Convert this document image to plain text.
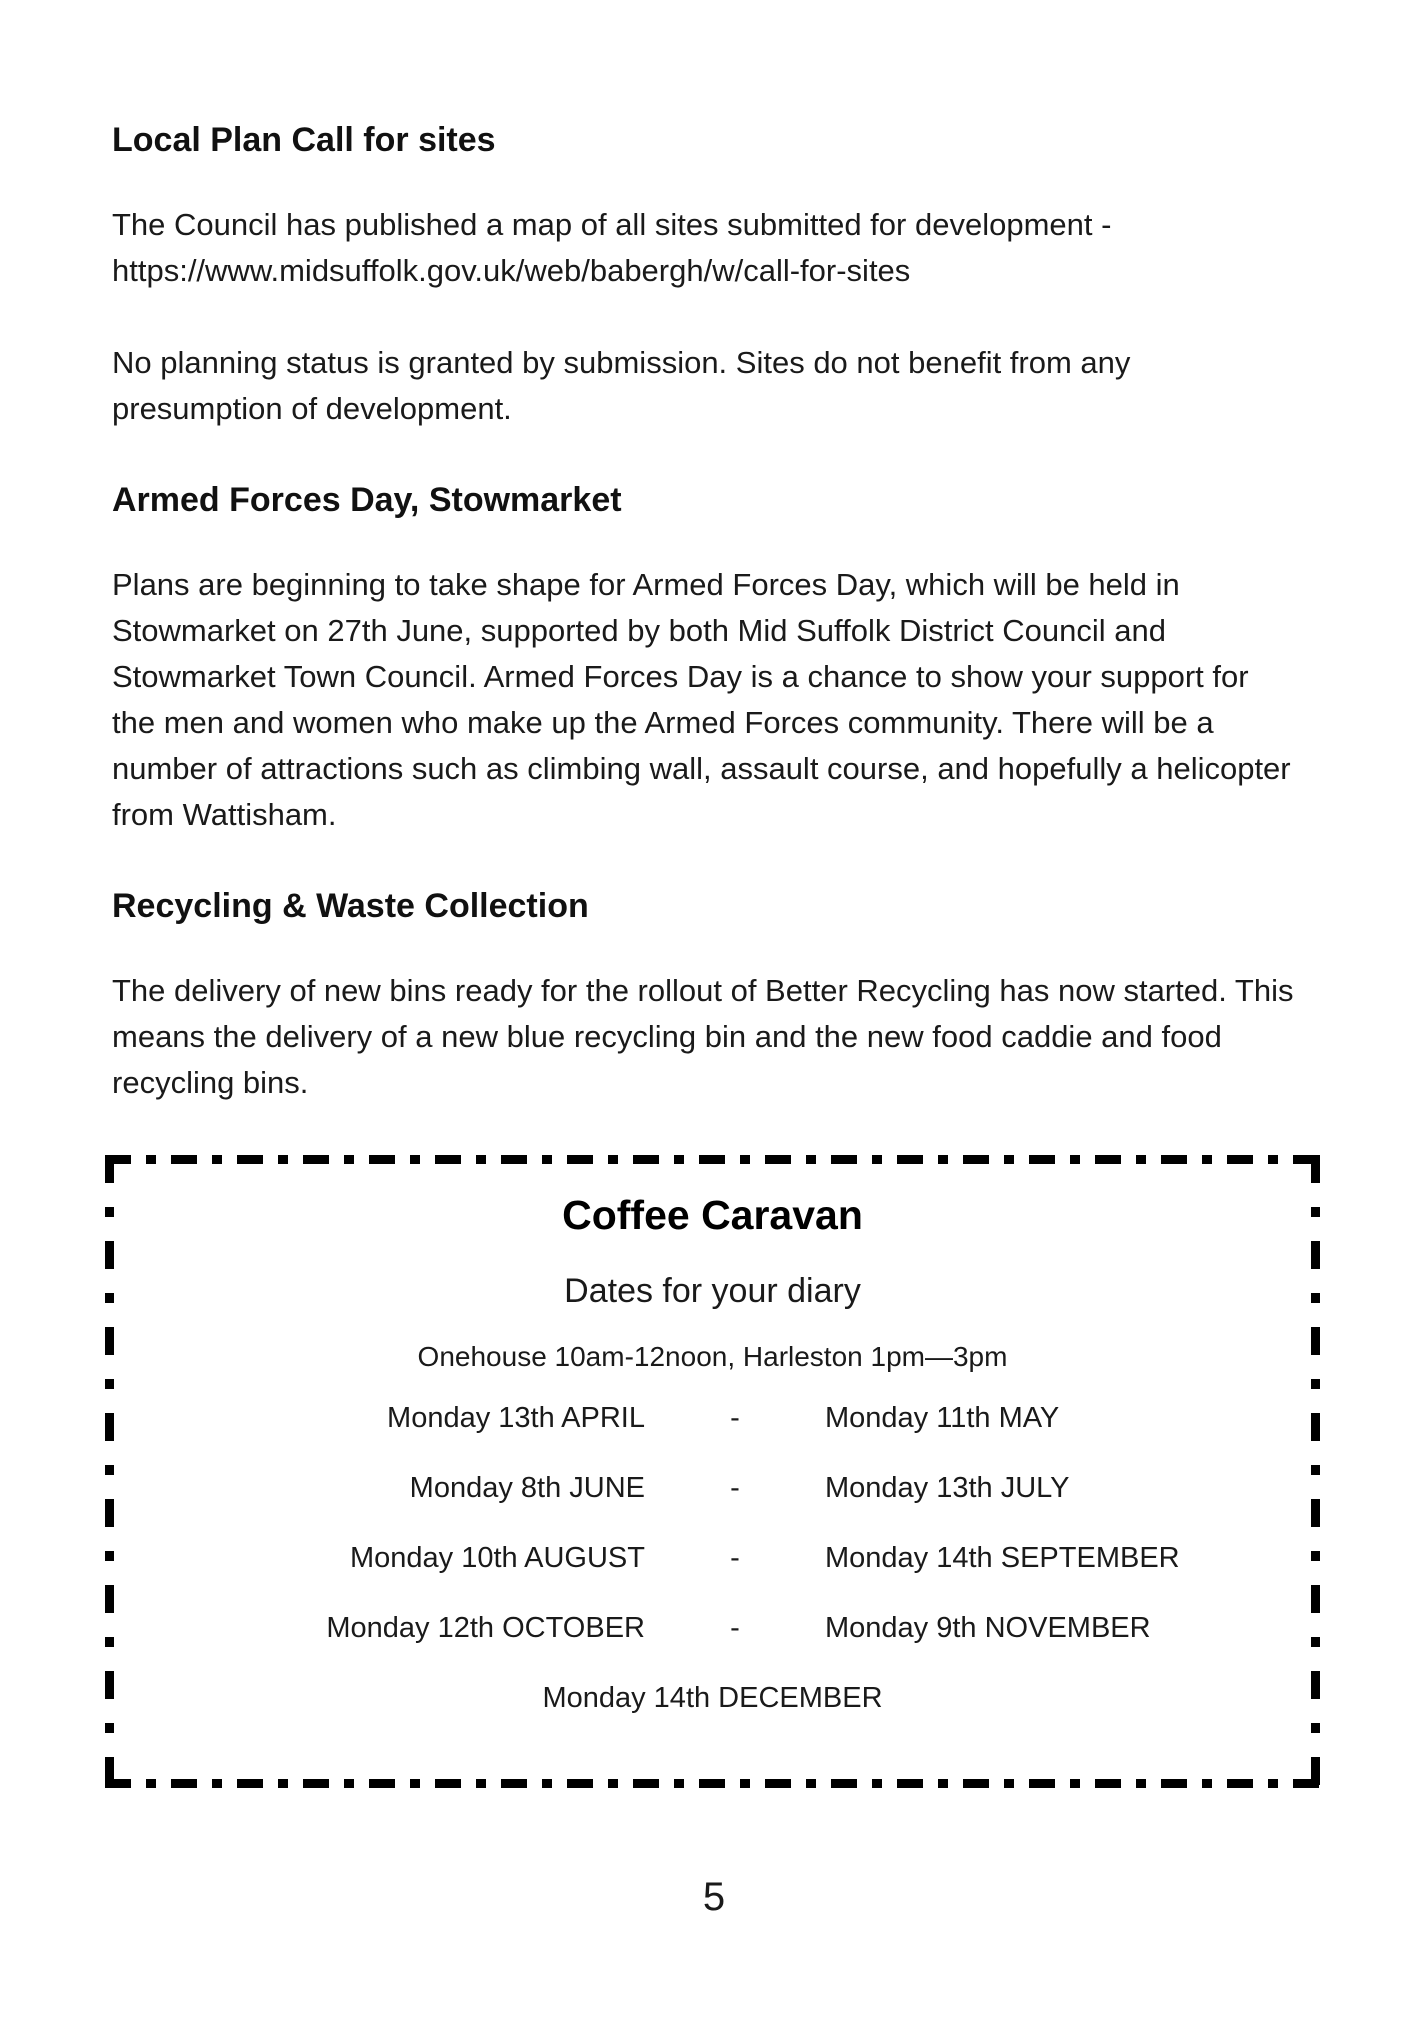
Local Plan Call for sites

The Council has published a map of all sites submitted for development - https://www.midsuffolk.gov.uk/web/babergh/w/call-for-sites

No planning status is granted by submission. Sites do not benefit from any presumption of development.

Armed Forces Day, Stowmarket

Plans are beginning to take shape for Armed Forces Day, which will be held in Stowmarket on 27th June, supported by both Mid Suffolk District Council and Stowmarket Town Council. Armed Forces Day is a chance to show your support for the men and women who make up the Armed Forces community. There will be a number of attractions such as climbing wall, assault course, and hopefully a helicopter from Wattisham.

Recycling & Waste Collection

The delivery of new bins ready for the rollout of Better Recycling has now started. This means the delivery of a new blue recycling bin and the new food caddie and food recycling bins.

Coffee Caravan
Dates for your diary
Onehouse 10am-12noon, Harleston 1pm—3pm
Monday 13th APRIL	-	Monday 11th MAY
Monday 8th JUNE	-	Monday 13th JULY
Monday 10th AUGUST	-	Monday 14th SEPTEMBER
Monday 12th OCTOBER	-	Monday 9th NOVEMBER
Monday 14th DECEMBER
5
